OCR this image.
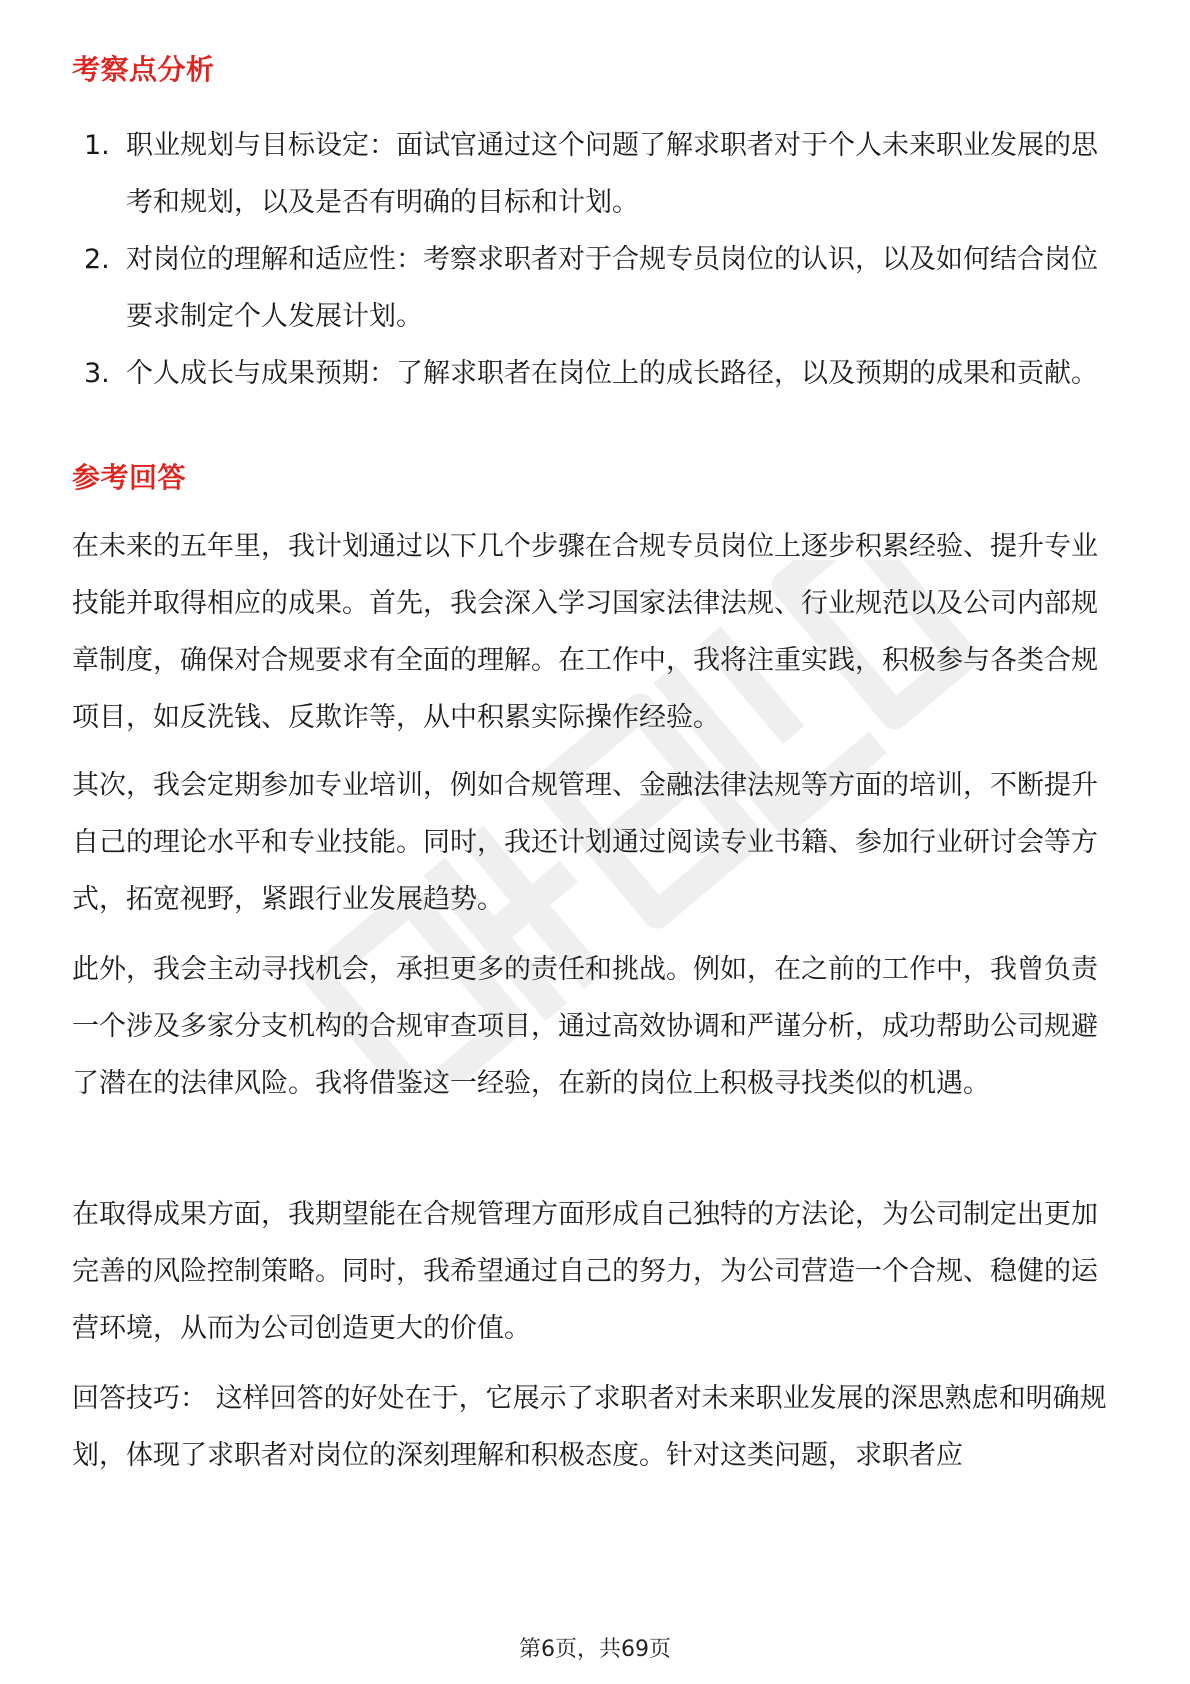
考察点分析
1. 职业规划与目标设定：面试官通过这个问题了解求职者对于个人未来职业发展的思考和规划，以及是否有明确的目标和计划。
2. 对岗位的理解和适应性：考察求职者对于合规专员岗位的认识，以及如何结合岗位要求制定个人发展计划。
3. 个人成长与成果预期：了解求职者在岗位上的成长路径，以及预期的成果和贡献。
参考回答
在未来的五年里，我计划通过以下几个步骤在合规专员岗位上逐步积累经验、提升专业技能并取得相应的成果。首先，我会深入学习国家法律法规、行业规范以及公司内部规章制度，确保对合规要求有全面的理解。在工作中，我将注重实践，积极参与各类合规项目，如反洗钱、反欺诈等，从中积累实际操作经验。
其次，我会定期参加专业培训，例如合规管理、金融法律法规等方面的培训，不断提升自己的理论水平和专业技能。同时，我还计划通过阅读专业书籍、参加行业研讨会等方式，拓宽视野，紧跟行业发展趋势。
此外，我会主动寻找机会，承担更多的责任和挑战。例如，在之前的工作中，我曾负责一个涉及多家分支机构的合规审查项目，通过高效协调和严谨分析，成功帮助公司规避了潜在的法律风险。我将借鉴这一经验，在新的岗位上积极寻找类似的机遇。
在取得成果方面，我期望能在合规管理方面形成自己独特的方法论，为公司制定出更加完善的风险控制策略。同时，我希望通过自己的努力，为公司营造一个合规、稳健的运营环境，从而为公司创造更大的价值。
回答技巧： 这样回答的好处在于，它展示了求职者对未来职业发展的深思熟虑和明确规划，体现了求职者对岗位的深刻理解和积极态度。针对这类问题，求职者应
第6页，共69页
